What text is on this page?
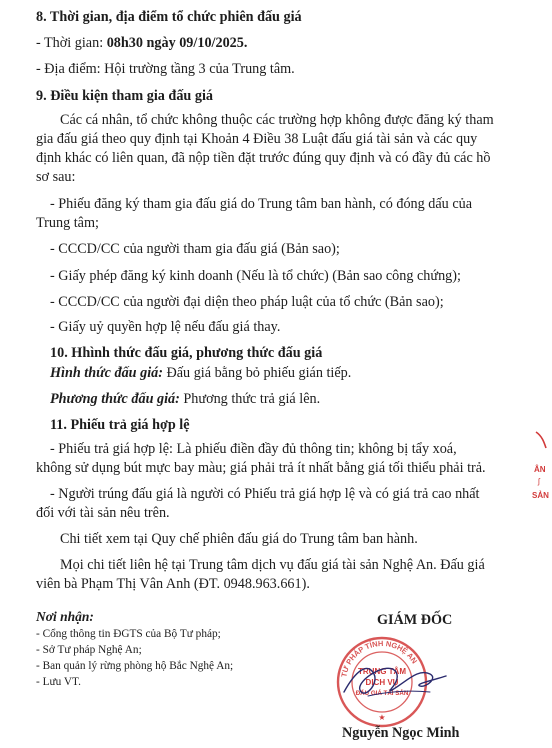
8. Thời gian, địa điểm tổ chức phiên đấu giá
- Thời gian: 08h30 ngày 09/10/2025.
- Địa điểm: Hội trường tầng 3 của Trung tâm.
9. Điều kiện tham gia đấu giá
Các cá nhân, tổ chức không thuộc các trường hợp không được đăng ký tham
gia đấu giá theo quy định tại Khoản 4 Điều 38 Luật đấu giá tài sản và các quy
định khác có liên quan, đã nộp tiền đặt trước đúng quy định và có đầy đủ các hồ
sơ sau:
- Phiếu đăng ký tham gia đấu giá do Trung tâm ban hành, có đóng dấu của
Trung tâm;
- CCCD/CC của người tham gia đấu giá (Bản sao);
- Giấy phép đăng ký kinh doanh (Nếu là tổ chức) (Bản sao công chứng);
- CCCD/CC của người đại diện theo pháp luật của tổ chức (Bản sao);
- Giấy uỷ quyền hợp lệ nếu đấu giá thay.
10. Hhình thức đấu giá, phương thức đấu giá
Hình thức đấu giá: Đấu giá bằng bỏ phiếu gián tiếp.
Phương thức đấu giá: Phương thức trả giá lên.
11. Phiếu trả giá hợp lệ
- Phiếu trả giá hợp lệ: Là phiếu điền đầy đủ thông tin; không bị tẩy xoá,
không sử dụng bút mực bay màu; giá phải trả ít nhất bằng giá tối thiểu phải trả.
- Người trúng đấu giá là người có Phiếu trả giá hợp lệ và có giá trả cao nhất
đối với tài sản nêu trên.
Chi tiết xem tại Quy chế phiên đấu giá do Trung tâm ban hành.
Mọi chi tiết liên hệ tại Trung tâm dịch vụ đấu giá tài sản Nghệ An. Đấu giá
viên bà Phạm Thị Vân Anh (ĐT. 0948.963.661).
Nơi nhận:
- Cổng thông tin ĐGTS của Bộ Tư pháp;
- Sở Tư pháp Nghệ An;
- Ban quản lý rừng phòng hộ Bắc Nghệ An;
- Lưu VT.
GIÁM ĐỐC
TƯ PHÁP TỈNH NGHỆ AN
TRUNG TÂM
DỊCH VỤ
ĐẤU GIÁ TÀI SẢN
★
Nguyễn Ngọc Minh
ÂN
ʃ
SẢN
